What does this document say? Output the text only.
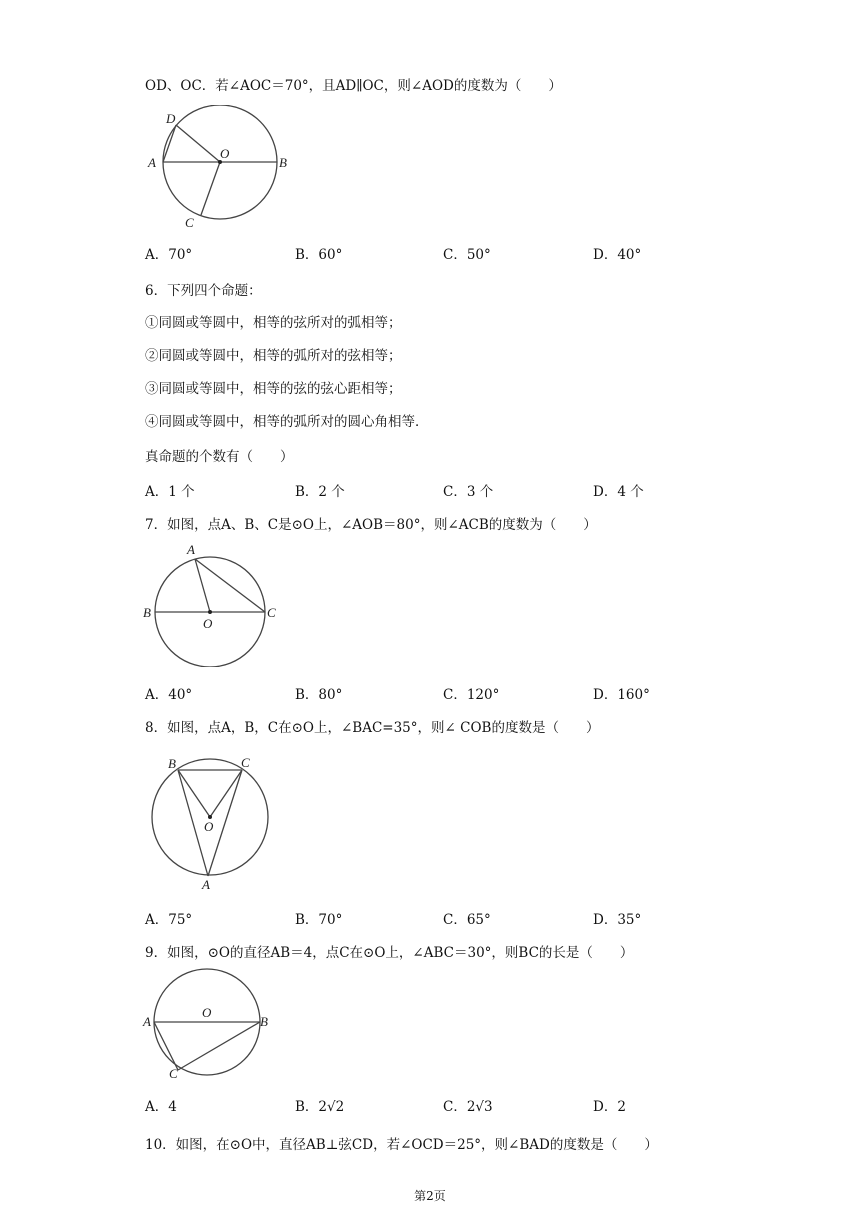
OD、OC．若∠AOC＝70°，且AD∥OC，则∠AOD的度数为（　　）
D
A
O
B
C
A．70°	B．60°	C．50°	D．40°
6．下列四个命题：
①同圆或等圆中，相等的弦所对的弧相等；
②同圆或等圆中，相等的弧所对的弦相等；
③同圆或等圆中，相等的弦的弦心距相等；
④同圆或等圆中，相等的弧所对的圆心角相等．
真命题的个数有（　　）
A．1 个	B．2 个	C．3 个	D．4 个
7．如图，点A、B、C是⊙O上，∠AOB＝80°，则∠ACB的度数为（　　）
A
B
O
C
A．40°	B．80°	C．120°	D．160°
8．如图，点A，B，C在⊙O上，∠BAC=35°，则∠ COB的度数是（　　）
B	C
O
A
A．75°	B．70°	C．65°	D．35°
9．如图，⊙O的直径AB＝4，点C在⊙O上，∠ABC＝30°，则BC的长是（　　）
A
O
B
C
A．4	B．2√2	C．2√3	D．2
10．如图，在⊙O中，直径AB⊥弦CD，若∠OCD＝25°，则∠BAD的度数是（　　）
第2页
